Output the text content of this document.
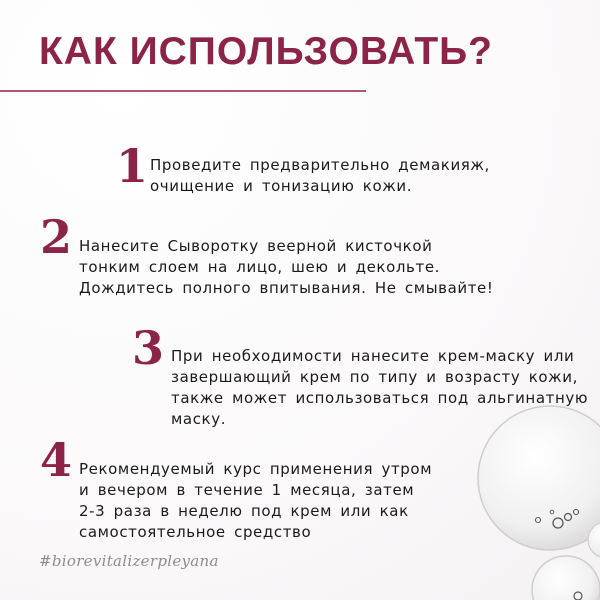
КАК ИСПОЛЬЗОВАТЬ?
1 Проведите предварительно демакияж,
очищение и тонизацию кожи.

2 Нанесите Сыворотку веерной кисточкой
тонким слоем на лицо, шею и декольте.
Дождитесь полного впитывания. Не смывайте!

3 При необходимости нанесите крем-маску или
завершающий крем по типу и возрасту кожи,
также может использоваться под альгинатную
маску.

4 Рекомендуемый курс применения утром
и вечером в течение 1 месяца, затем
2-3 раза в неделю под крем или как
самостоятельное средство

#biorevitalizerpleyana
